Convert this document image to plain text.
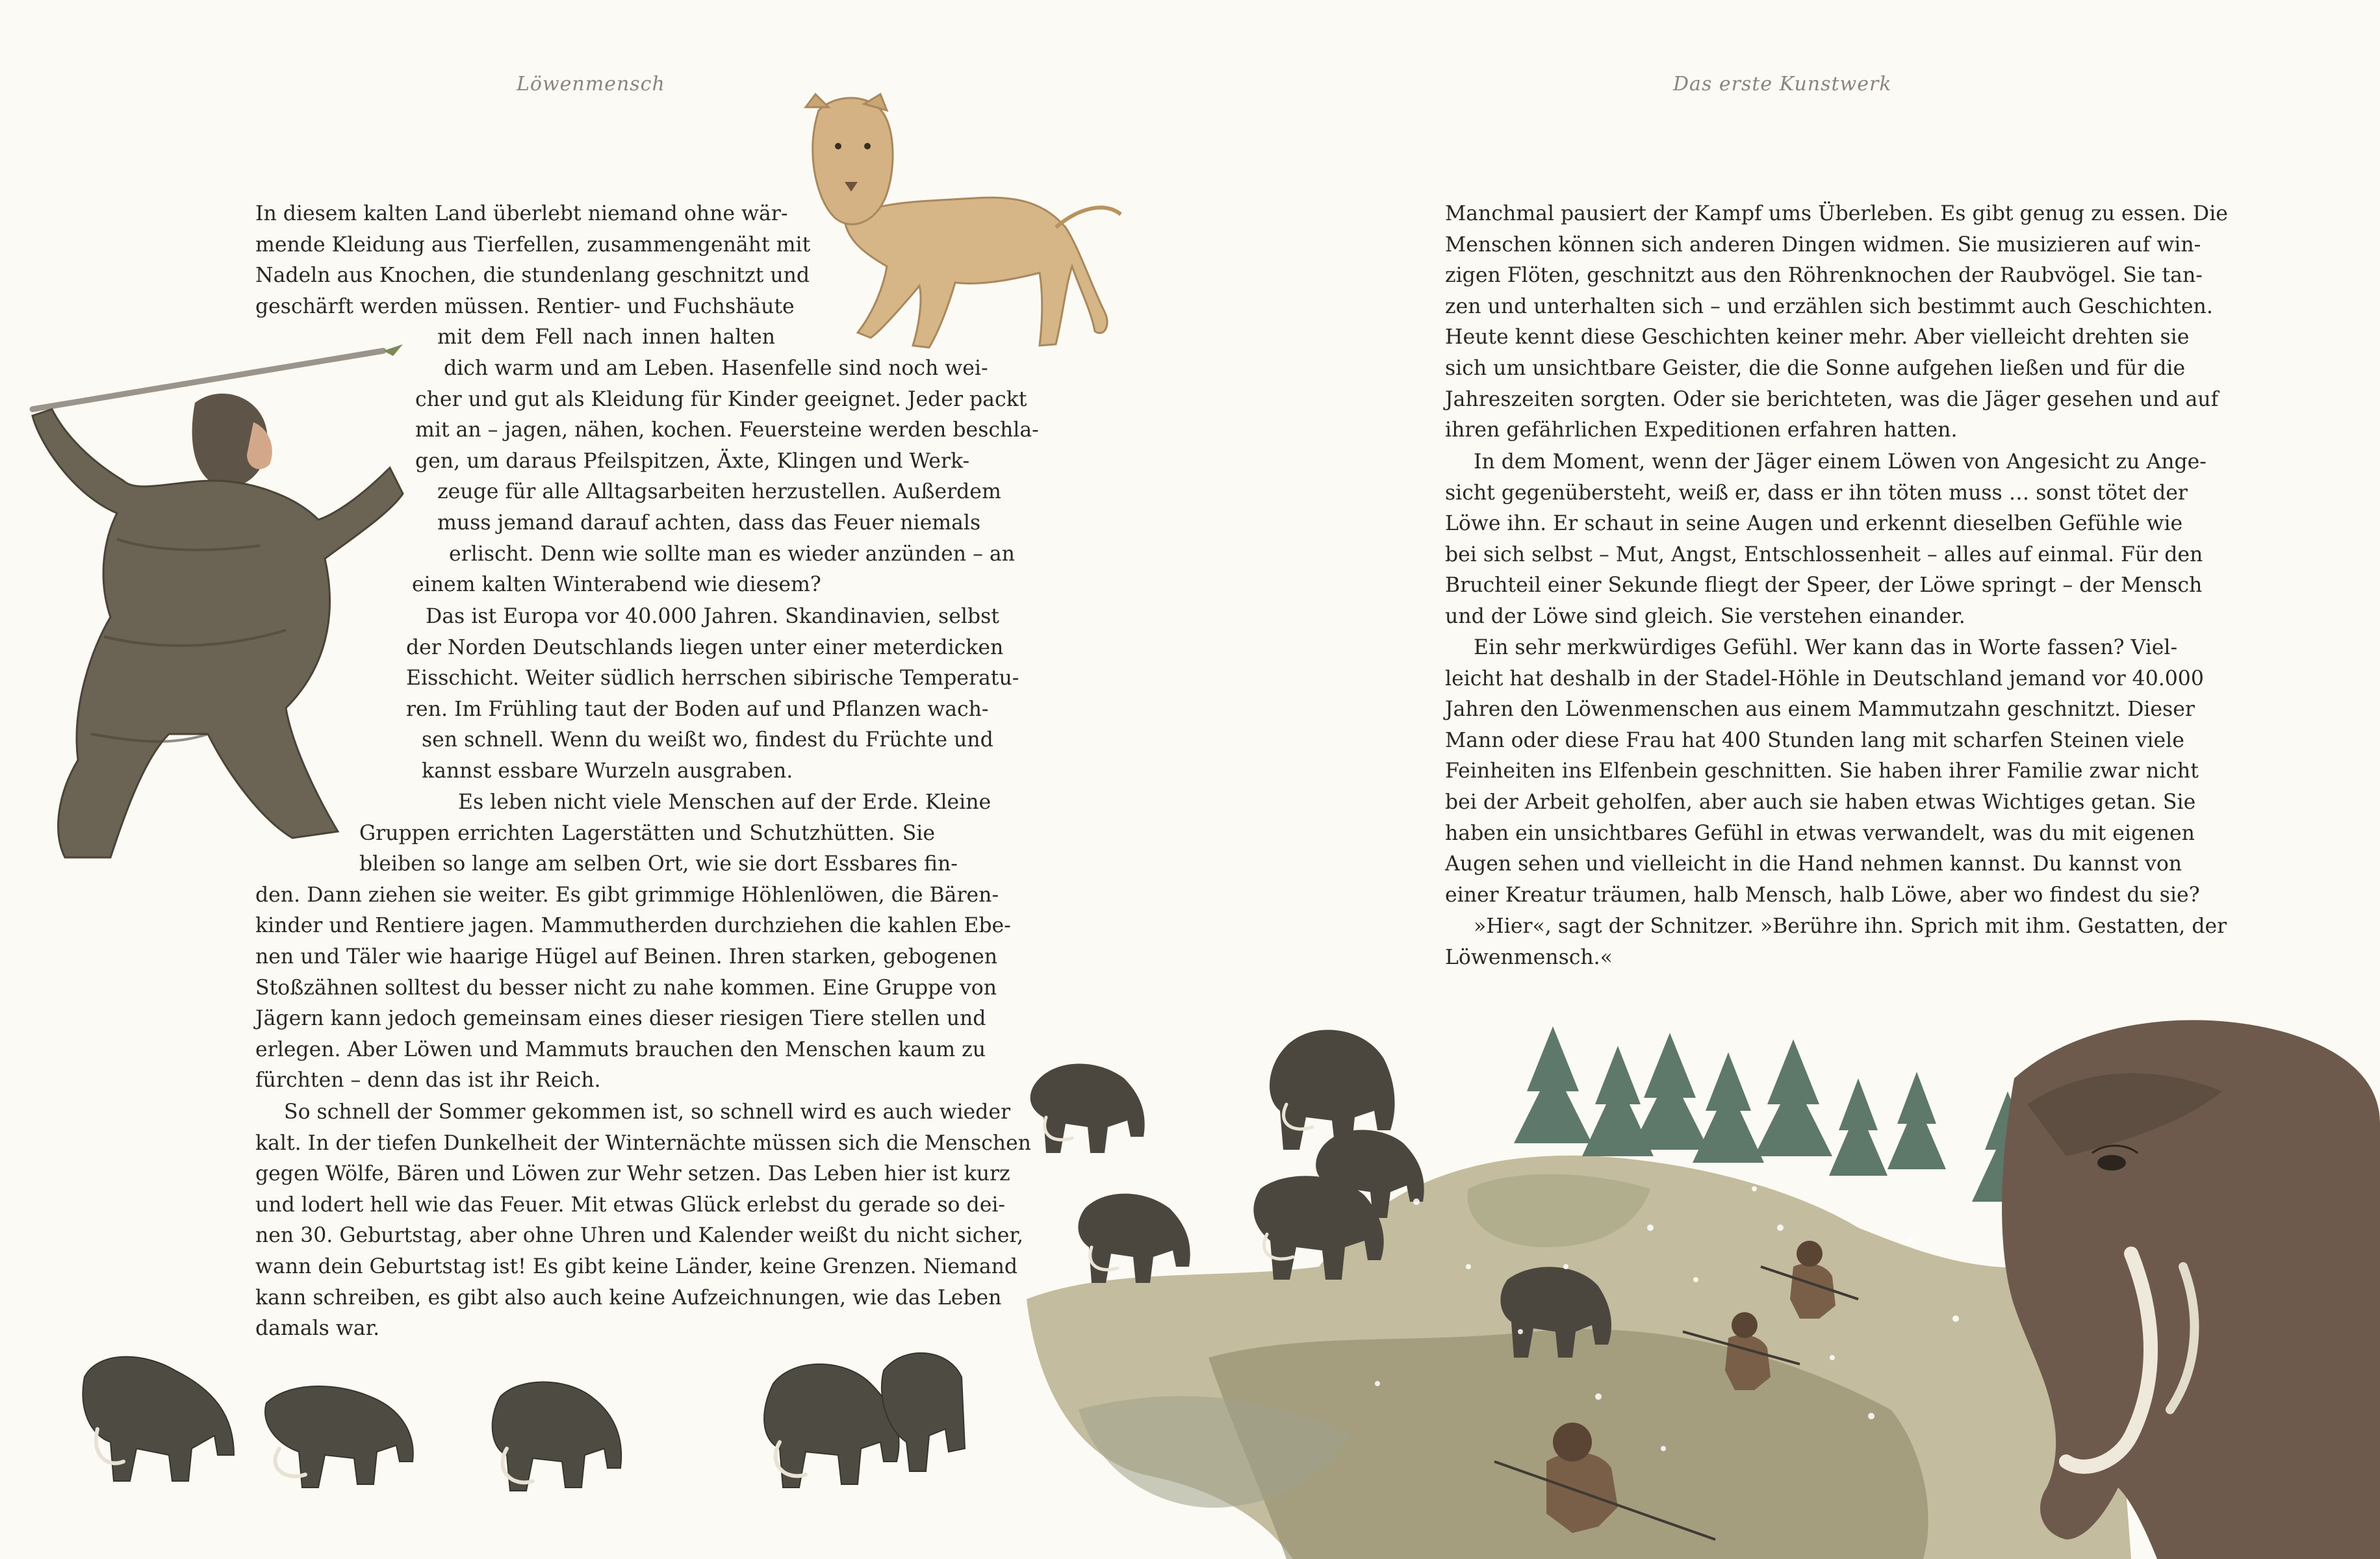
Löwenmensch
In diesem kalten Land überlebt niemand ohne wär-
mende Kleidung aus Tierfellen, zusammengenäht mit
Nadeln aus Knochen, die stundenlang geschnitzt und
geschärft werden müssen. Rentier- und Fuchshäute
mit dem Fell nach innen halten
dich warm und am Leben. Hasenfelle sind noch wei-
cher und gut als Kleidung für Kinder geeignet. Jeder packt
mit an – jagen, nähen, kochen. Feuersteine werden beschla-
gen, um daraus Pfeilspitzen, Äxte, Klingen und Werk-
zeuge für alle Alltagsarbeiten herzustellen. Außerdem
muss jemand darauf achten, dass das Feuer niemals
erlischt. Denn wie sollte man es wieder anzünden – an
einem kalten Winterabend wie diesem?
Das ist Europa vor 40.000 Jahren. Skandinavien, selbst
der Norden Deutschlands liegen unter einer meterdicken
Eisschicht. Weiter südlich herrschen sibirische Temperatu-
ren. Im Frühling taut der Boden auf und Pflanzen wach-
sen schnell. Wenn du weißt wo, findest du Früchte und
kannst essbare Wurzeln ausgraben.
Es leben nicht viele Menschen auf der Erde. Kleine
Gruppen errichten Lagerstätten und Schutzhütten. Sie
bleiben so lange am selben Ort, wie sie dort Essbares fin-
den. Dann ziehen sie weiter. Es gibt grimmige Höhlenlöwen, die Bären-
kinder und Rentiere jagen. Mammutherden durchziehen die kahlen Ebe-
nen und Täler wie haarige Hügel auf Beinen. Ihren starken, gebogenen
Stoßzähnen solltest du besser nicht zu nahe kommen. Eine Gruppe von
Jägern kann jedoch gemeinsam eines dieser riesigen Tiere stellen und
erlegen. Aber Löwen und Mammuts brauchen den Menschen kaum zu
fürchten – denn das ist ihr Reich.
So schnell der Sommer gekommen ist, so schnell wird es auch wieder
kalt. In der tiefen Dunkelheit der Winternächte müssen sich die Menschen
gegen Wölfe, Bären und Löwen zur Wehr setzen. Das Leben hier ist kurz
und lodert hell wie das Feuer. Mit etwas Glück erlebst du gerade so dei-
nen 30. Geburtstag, aber ohne Uhren und Kalender weißt du nicht sicher,
wann dein Geburtstag ist! Es gibt keine Länder, keine Grenzen. Niemand
kann schreiben, es gibt also auch keine Aufzeichnungen, wie das Leben
damals war.
Das erste Kunstwerk
Manchmal pausiert der Kampf ums Überleben. Es gibt genug zu essen. Die
Menschen können sich anderen Dingen widmen. Sie musizieren auf win-
zigen Flöten, geschnitzt aus den Röhrenknochen der Raubvögel. Sie tan-
zen und unterhalten sich – und erzählen sich bestimmt auch Geschichten.
Heute kennt diese Geschichten keiner mehr. Aber vielleicht drehten sie
sich um unsichtbare Geister, die die Sonne aufgehen ließen und für die
Jahreszeiten sorgten. Oder sie berichteten, was die Jäger gesehen und auf
ihren gefährlichen Expeditionen erfahren hatten.
In dem Moment, wenn der Jäger einem Löwen von Angesicht zu Ange-
sicht gegenübersteht, weiß er, dass er ihn töten muss … sonst tötet der
Löwe ihn. Er schaut in seine Augen und erkennt dieselben Gefühle wie
bei sich selbst – Mut, Angst, Entschlossenheit – alles auf einmal. Für den
Bruchteil einer Sekunde fliegt der Speer, der Löwe springt – der Mensch
und der Löwe sind gleich. Sie verstehen einander.
Ein sehr merkwürdiges Gefühl. Wer kann das in Worte fassen? Viel-
leicht hat deshalb in der Stadel-Höhle in Deutschland jemand vor 40.000
Jahren den Löwenmenschen aus einem Mammutzahn geschnitzt. Dieser
Mann oder diese Frau hat 400 Stunden lang mit scharfen Steinen viele
Feinheiten ins Elfenbein geschnitten. Sie haben ihrer Familie zwar nicht
bei der Arbeit geholfen, aber auch sie haben etwas Wichtiges getan. Sie
haben ein unsichtbares Gefühl in etwas verwandelt, was du mit eigenen
Augen sehen und vielleicht in die Hand nehmen kannst. Du kannst von
einer Kreatur träumen, halb Mensch, halb Löwe, aber wo findest du sie?
»Hier«, sagt der Schnitzer. »Berühre ihn. Sprich mit ihm. Gestatten, der
Löwenmensch.«
